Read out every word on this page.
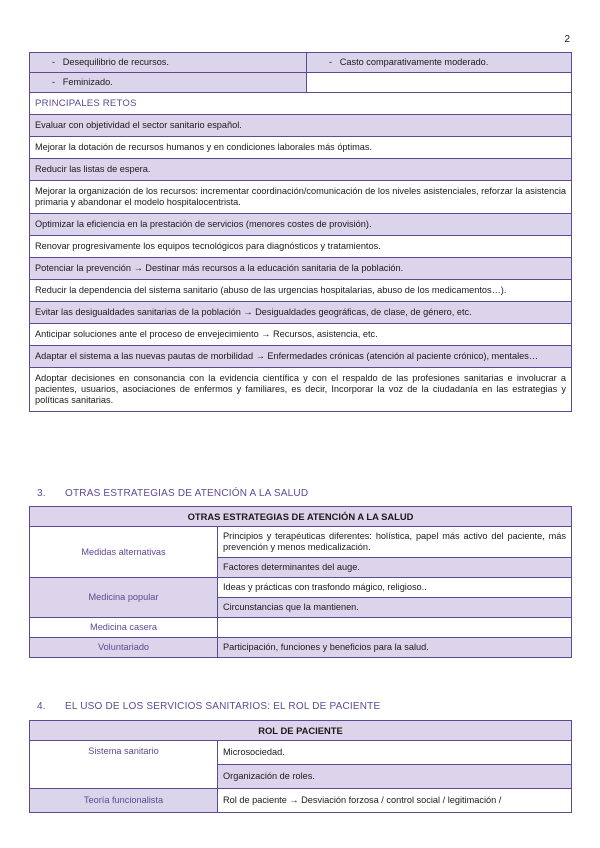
2
- Desequilibrio de recursos.	- Casto comparativamente moderado.
- Feminizado.	
PRINCIPALES RETOS	
Evaluar con objetividad el sector sanitario español.	
Mejorar la dotación de recursos humanos y en condiciones laborales más óptimas.	
Reducir las listas de espera.	
Mejorar la organización de los recursos: incrementar coordinación/comunicación de los niveles asistenciales, reforzar la asistencia primaria y abandonar el modelo hospitalocentrista.	
Optimizar la eficiencia en la prestación de servicios (menores costes de provisión).	
Renovar progresivamente los equipos tecnológicos para diagnósticos y tratamientos.	
Potenciar la prevención → Destinar más recursos a la educación sanitaria de la población.	
Reducir la dependencia del sistema sanitario (abuso de las urgencias hospitalarias, abuso de los medicamentos…).	
Evitar las desigualdades sanitarias de la población → Desigualdades geográficas, de clase, de género, etc.	
Anticipar soluciones ante el proceso de envejecimiento → Recursos, asistencia, etc.	
Adaptar el sistema a las nuevas pautas de morbilidad → Enfermedades crónicas (atención al paciente crónico), mentales…	
Adoptar decisiones en consonancia con la evidencia científica y con el respaldo de las profesiones sanitarias e involucrar a pacientes, usuarios, asociaciones de enfermos y familiares, es decir, Incorporar la voz de la ciudadanía en las estrategias y políticas sanitarias.	
3. OTRAS ESTRATEGIAS DE ATENCIÓN A LA SALUD
OTRAS ESTRATEGIAS DE ATENCIÓN A LA SALUD	
Medidas alternativas	Principios y terapéuticas diferentes: holística, papel más activo del paciente, más prevención y menos medicalización.
	Factores determinantes del auge.
Medicina popular	Ideas y prácticas con trasfondo mágico, religioso..
	Circunstancias que la mantienen.
Medicina casera	
Voluntariado	Participación, funciones y beneficios para la salud.
4. EL USO DE LOS SERVICIOS SANITARIOS: EL ROL DE PACIENTE
ROL DE PACIENTE	
Sistema sanitario	Microsociedad.
	Organización de roles.
Teoría funcionalista	Rol de paciente → Desviación forzosa / control social / legitimación /
